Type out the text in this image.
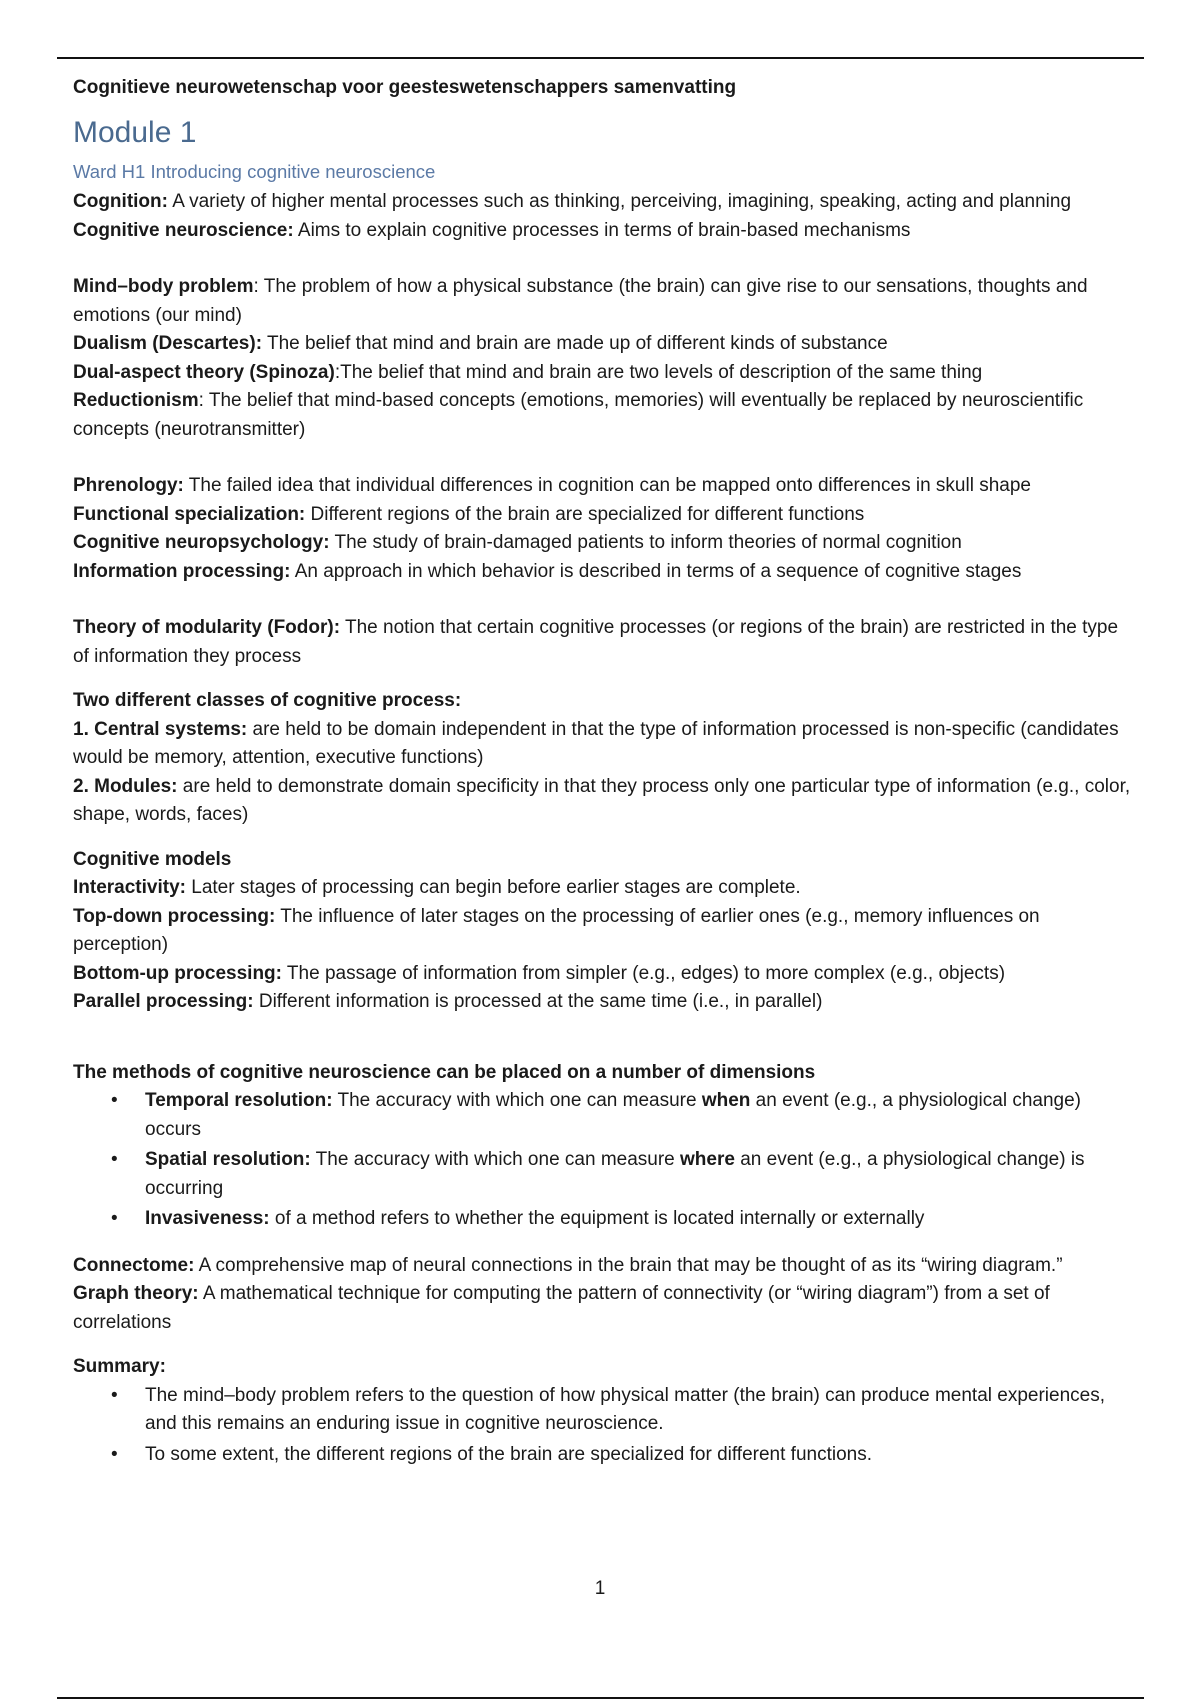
Cognitieve neurowetenschap voor geesteswetenschappers samenvatting
Module 1
Ward H1 Introducing cognitive neuroscience

Cognition: A variety of higher mental processes such as thinking, perceiving, imagining, speaking, acting and planning

Cognitive neuroscience: Aims to explain cognitive processes in terms of brain-based mechanisms

Mind–body problem: The problem of how a physical substance (the brain) can give rise to our sensations, thoughts and emotions (our mind)

Dualism (Descartes): The belief that mind and brain are made up of different kinds of substance

Dual-aspect theory (Spinoza):The belief that mind and brain are two levels of description of the same thing

Reductionism: The belief that mind-based concepts (emotions, memories) will eventually be replaced by neuroscientific concepts (neurotransmitter)

Phrenology: The failed idea that individual differences in cognition can be mapped onto differences in skull shape

Functional specialization: Different regions of the brain are specialized for different functions

Cognitive neuropsychology: The study of brain-damaged patients to inform theories of normal cognition

Information processing: An approach in which behavior is described in terms of a sequence of cognitive stages

Theory of modularity (Fodor): The notion that certain cognitive processes (or regions of the brain) are restricted in the type of information they process

Two different classes of cognitive process:

1. Central systems: are held to be domain independent in that the type of information processed is non-specific (candidates would be memory, attention, executive functions)

2. Modules: are held to demonstrate domain specificity in that they process only one particular type of information (e.g., color, shape, words, faces)

Cognitive models

Interactivity: Later stages of processing can begin before earlier stages are complete.

Top-down processing: The influence of later stages on the processing of earlier ones (e.g., memory influences on perception)

Bottom-up processing: The passage of information from simpler (e.g., edges) to more complex (e.g., objects)

Parallel processing: Different information is processed at the same time (i.e., in parallel)

The methods of cognitive neuroscience can be placed on a number of dimensions

• Temporal resolution: The accuracy with which one can measure when an event (e.g., a physiological change) occurs
• Spatial resolution: The accuracy with which one can measure where an event (e.g., a physiological change) is occurring
• Invasiveness: of a method refers to whether the equipment is located internally or externally

Connectome: A comprehensive map of neural connections in the brain that may be thought of as its “wiring diagram.”

Graph theory: A mathematical technique for computing the pattern of connectivity (or “wiring diagram”) from a set of correlations

Summary:

• The mind–body problem refers to the question of how physical matter (the brain) can produce mental experiences, and this remains an enduring issue in cognitive neuroscience.
• To some extent, the different regions of the brain are specialized for different functions.
1
